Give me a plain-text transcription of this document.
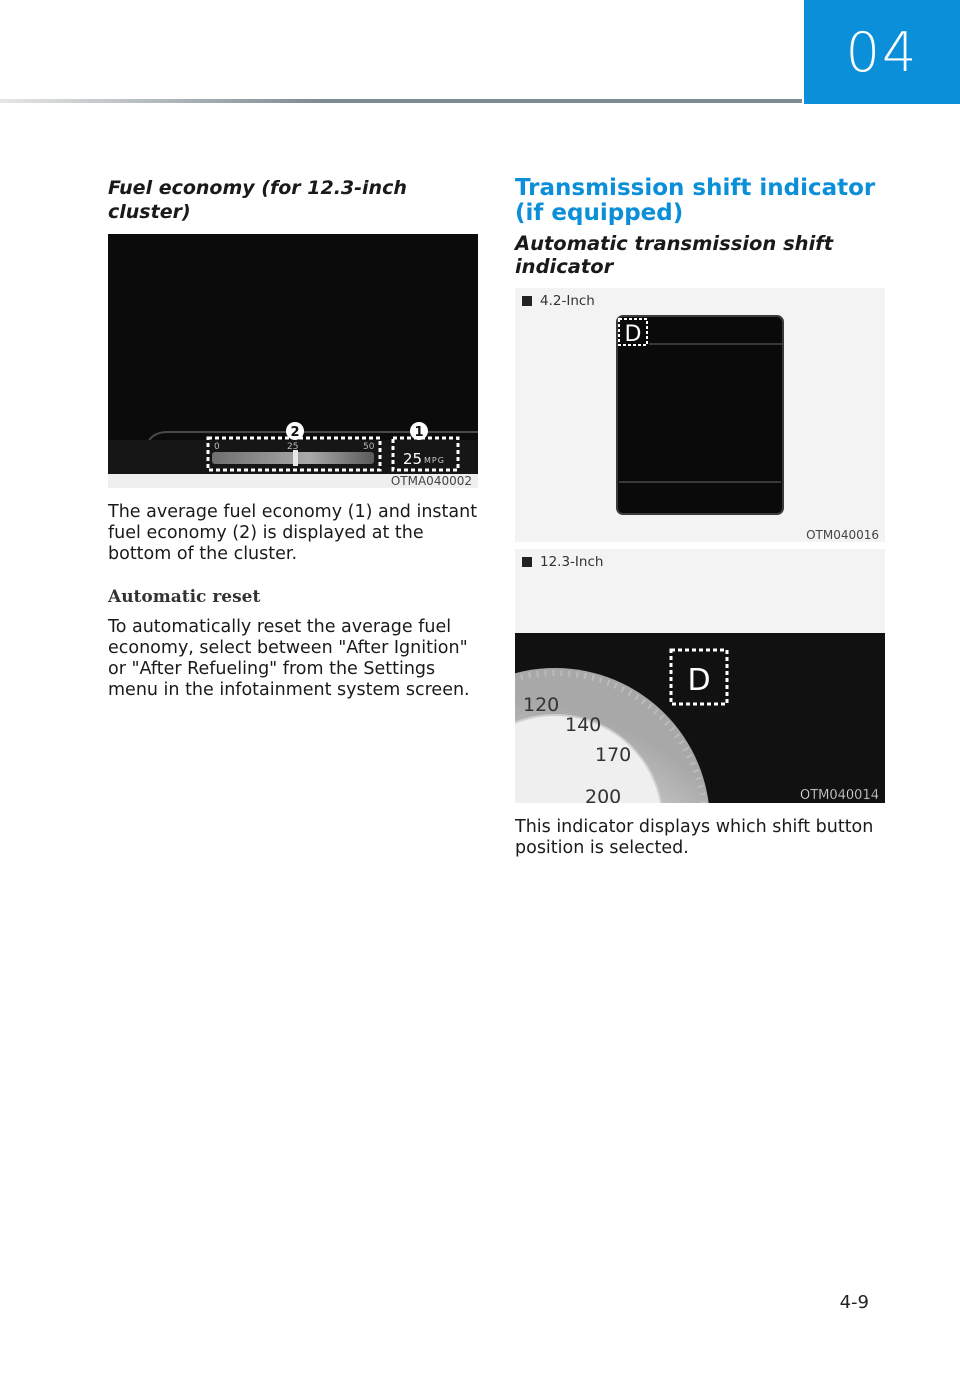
04
Fuel economy (for 12.3-inch cluster)
0	25	50
25 MPG
2	1
OTMA040002

The average fuel economy (1) and instant fuel economy (2) is displayed at the bottom of the cluster.

Automatic reset

To automatically reset the average fuel economy, select between "After Ignition" or "After Refueling" from the Settings menu in the infotainment system screen.

Transmission shift indicator (if equipped)
Automatic transmission shift indicator
4.2-Inch
D
OTM040016
12.3-Inch
120
140
170
200
D
OTM040014

This indicator displays which shift button position is selected.

4-9
